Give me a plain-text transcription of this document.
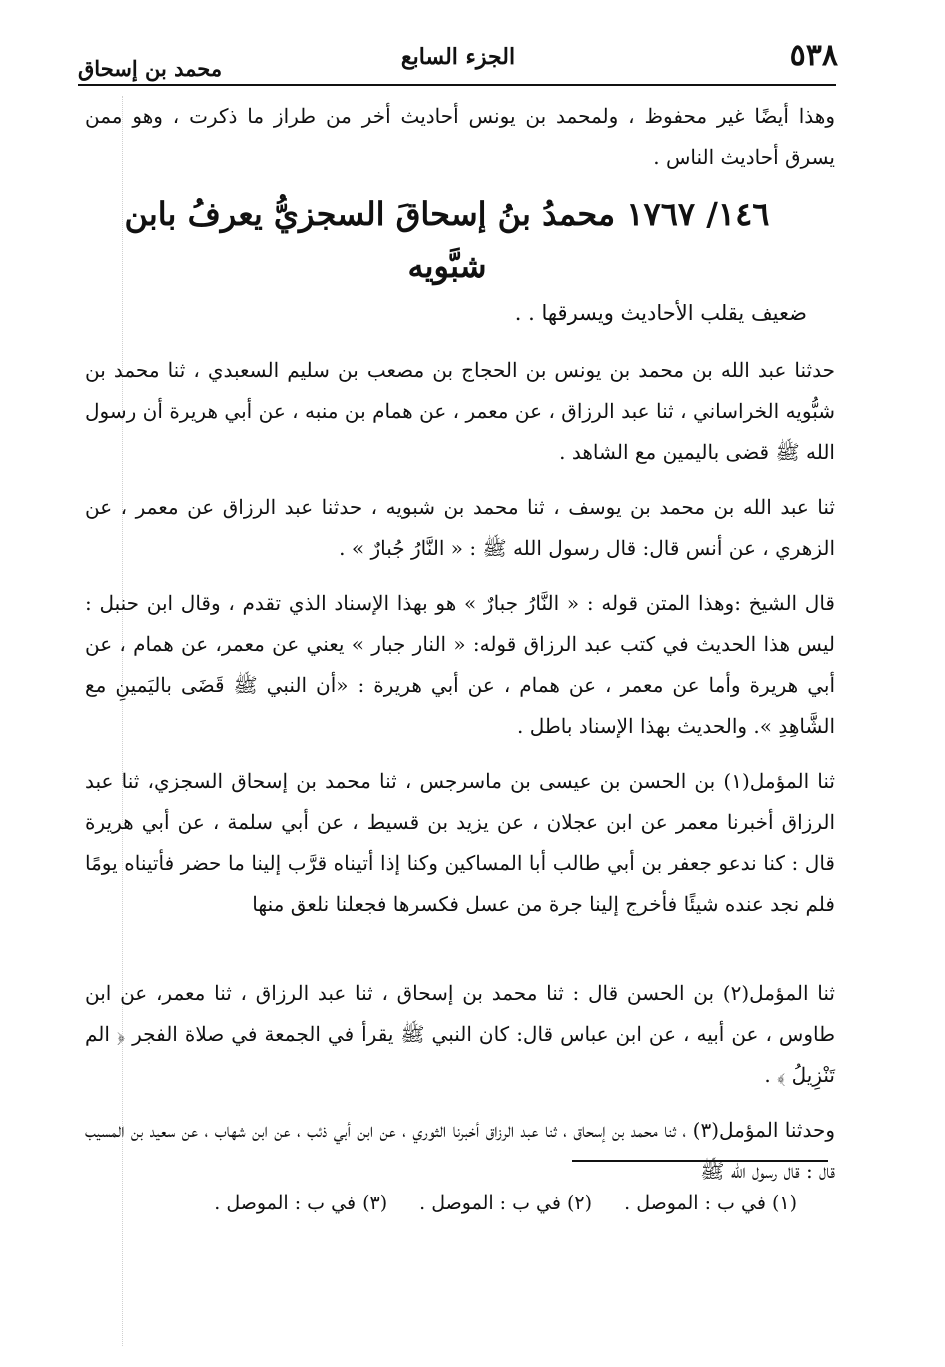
٥٣٨
الجزء السابع
محمد بن إسحاق

وهذا أيضًا غير محفوظ ، ولمحمد بن يونس أحاديث أخر من طراز ما ذكرت ، وهو ممن يسرق أحاديث الناس .

١٤٦/ ١٧٦٧ محمدُ بنُ إسحاقَ السجزيُّ يعرفُ بابن شبَّويه
ضعيف يقلب الأحاديث ويسرقها . .

حدثنا عبد الله بن محمد بن يونس بن الحجاج بن مصعب بن سليم السعبدي ، ثنا محمد بن شبُّويه الخراساني ، ثنا عبد الرزاق ، عن معمر ، عن همام بن منبه ، عن أبي هريرة أن رسول الله ﷺ قضى باليمين مع الشاهد .

ثنا عبد الله بن محمد بن يوسف ، ثنا محمد بن شبويه ، حدثنا عبد الرزاق عن معمر ، عن الزهري ، عن أنس قال: قال رسول الله ﷺ : « النَّارُ جُبارٌ » .

قال الشيخ :وهذا المتن قوله : « النَّارُ جبارٌ » هو بهذا الإسناد الذي تقدم ، وقال ابن حنبل : ليس هذا الحديث في كتب عبد الرزاق قوله: « النار جبار » يعني عن معمر، عن همام ، عن أبي هريرة وأما عن معمر ، عن همام ، عن أبي هريرة : «أن النبي ﷺ قَضَى باليَمينِ مع الشَّاهِدِ ». والحديث بهذا الإسناد باطل .

ثنا المؤمل(١) بن الحسن بن عيسى بن ماسرجس ، ثنا محمد بن إسحاق السجزي، ثنا عبد الرزاق أخبرنا معمر عن ابن عجلان ، عن يزيد بن قسيط ، عن أبي سلمة ، عن أبي هريرة قال : كنا ندعو جعفر بن أبي طالب أبا المساكين وكنا إذا أتيناه قرَّب إلينا ما حضر فأتيناه يومًا فلم نجد عنده شيئًا فأخرج إلينا جرة من عسل فكسرها فجعلنا نلعق منها

ثنا المؤمل(٢) بن الحسن قال : ثنا محمد بن إسحاق ، ثنا عبد الرزاق ، ثنا معمر، عن ابن طاوس ، عن أبيه ، عن ابن عباس قال: كان النبي ﷺ يقرأ في الجمعة في صلاة الفجر ﴿ الم تَنْزِيلُ ﴾ .

وحدثنا المؤمل(٣) ، ثنا محمد بن إسحاق ، ثنا عبد الرزاق أخبرنا الثوري ، عن ابن أبي ذئب ، عن ابن شهاب ، عن سعيد بن المسيب قال : قال رسول الله ﷺ

(١) في ب : الموصل . (٢) في ب : الموصل . (٣) في ب : الموصل .
